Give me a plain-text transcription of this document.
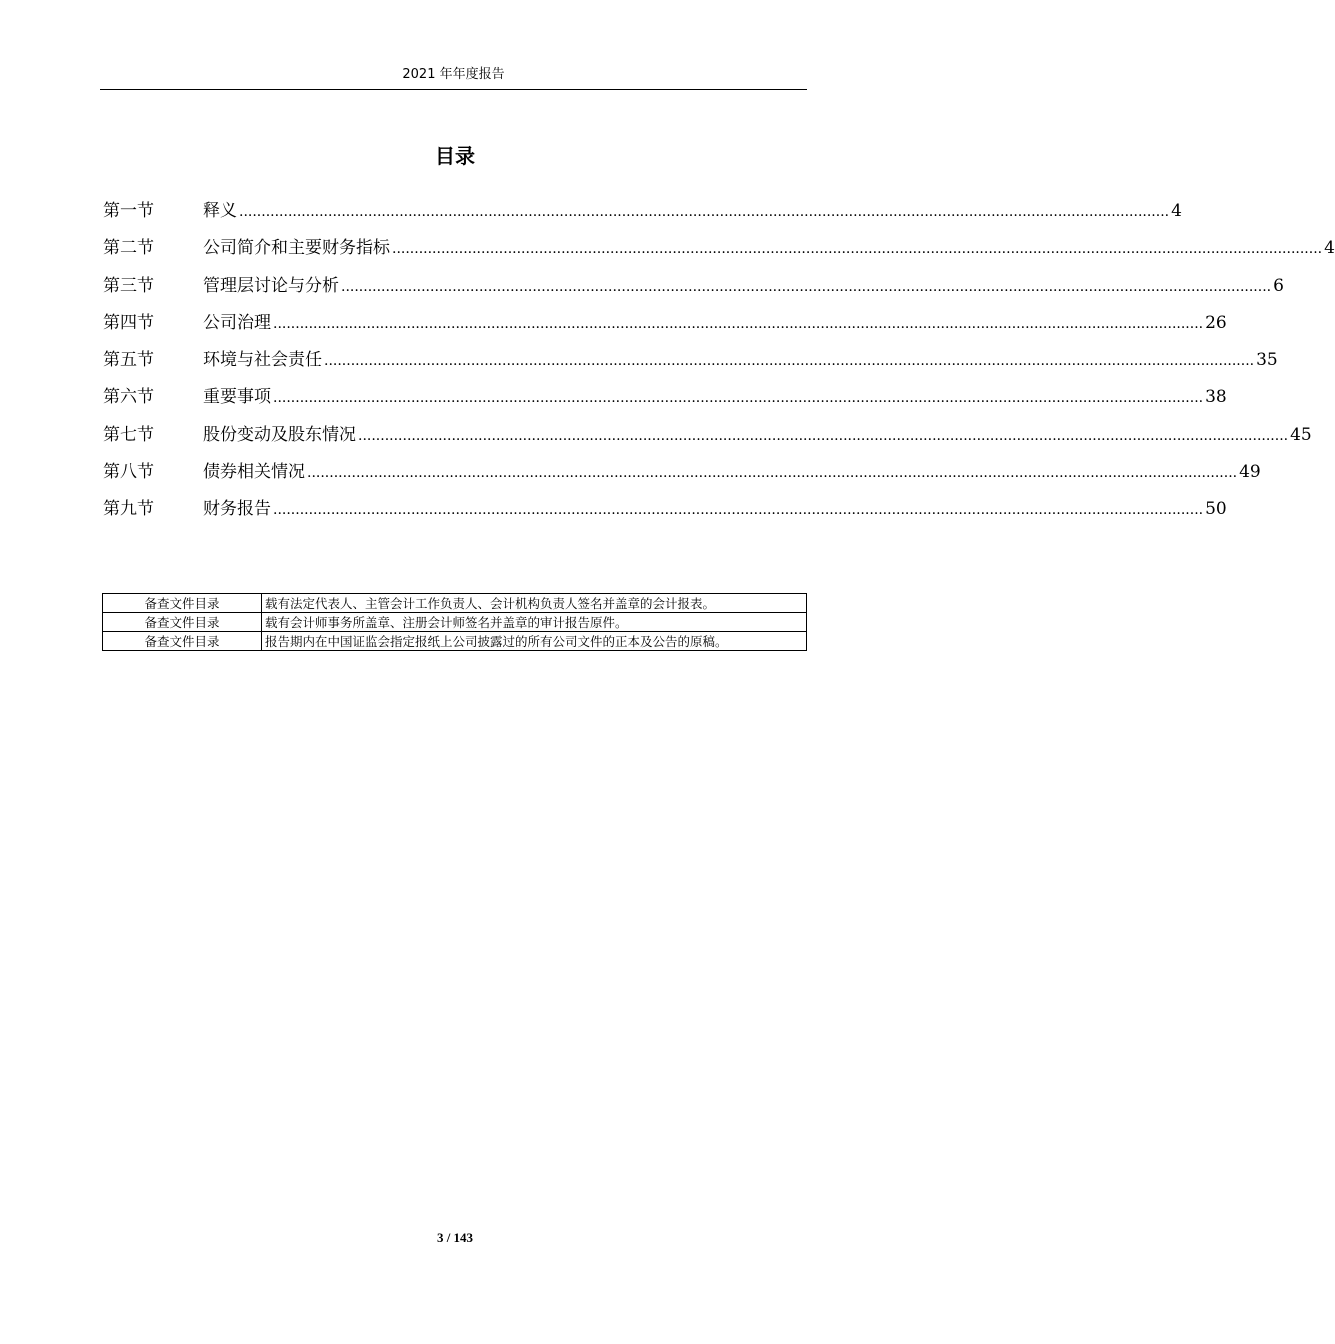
2021 年年度报告
目录
第一节	释义 ................................................................................................................................................................................................................. 4
第二节	公司简介和主要财务指标 ................................................................................................................................................................................................................. 4
第三节	管理层讨论与分析 ................................................................................................................................................................................................................. 6
第四节	公司治理 ................................................................................................................................................................................................................. 26
第五节	环境与社会责任 ................................................................................................................................................................................................................. 35
第六节	重要事项 ................................................................................................................................................................................................................. 38
第七节	股份变动及股东情况 ................................................................................................................................................................................................................. 45
第八节	债券相关情况 ................................................................................................................................................................................................................. 49
第九节	财务报告 ................................................................................................................................................................................................................. 50
备查文件目录	载有法定代表人、主管会计工作负责人、会计机构负责人签名并盖章的会计报表。
备查文件目录	载有会计师事务所盖章、注册会计师签名并盖章的审计报告原件。
备查文件目录	报告期内在中国证监会指定报纸上公司披露过的所有公司文件的正本及公告的原稿。
3 / 143
